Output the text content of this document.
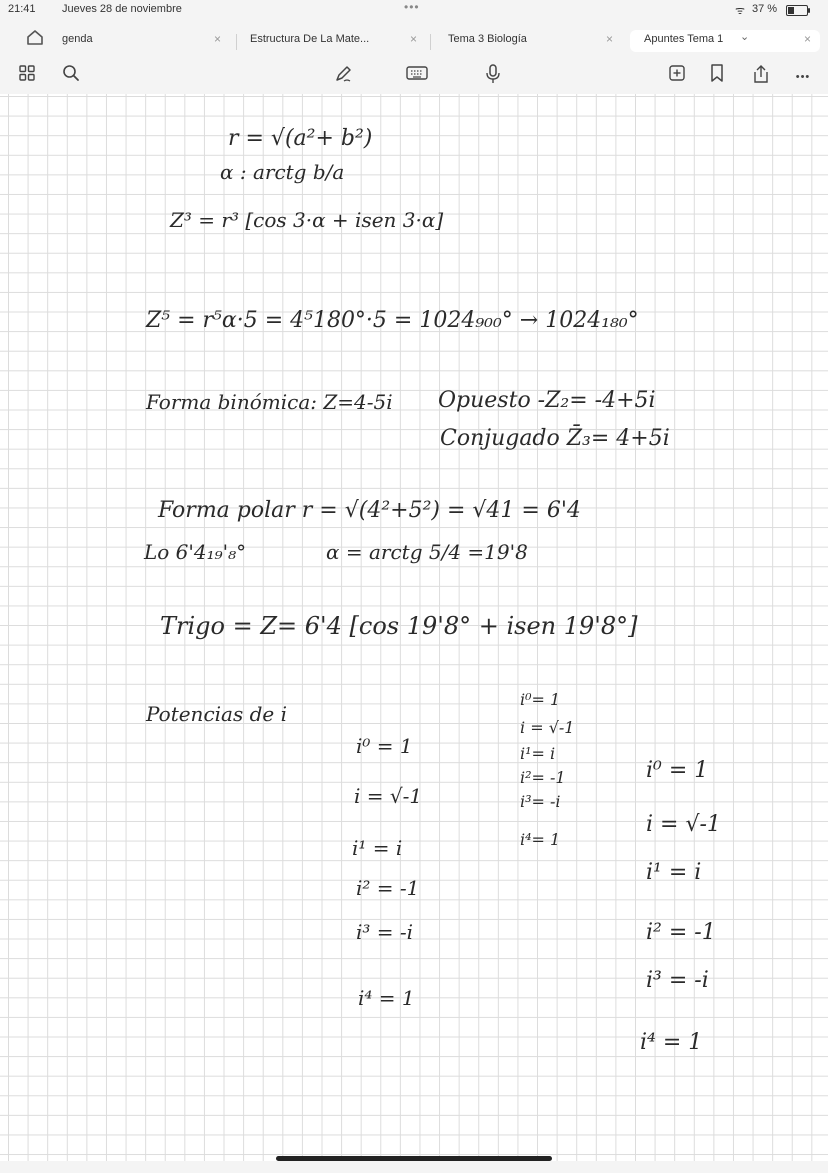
21:41 Jueves 28 de noviembre	•••	ᯤ 37 %
genda	×	Estructura De La Mate...	×	Tema 3 Biología	×	Apuntes Tema 1 ⌄	×
•••
r = √(a²+ b²)
α : arctg b/a
Z³ = r³ [cos 3·α + isen 3·α]
Z⁵ = r⁵α·5 = 4⁵180°·5 = 1024₉₀₀° → 1024₁₈₀°
Forma binómica: Z=4-5i Opuesto -Z₂= -4+5i
Conjugado Z̄₃= 4+5i
Forma polar r = √(4²+5²) = √41 = 6'4
Lo 6'4₁₉'₈°	α = arctg 5/4 =19'8
Trigo = Z= 6'4 [cos 19'8° + isen 19'8°]
Potencias de i
i⁰ = 1
i = √-1
i¹ = i
i² = -1
i³ = -i
i⁴ = 1
i⁰= 1
i = √-1
i¹= i
i²= -1
i³= -i
i⁴= 1
i⁰ = 1
i = √-1
i¹ = i
i² = -1
i³ = -i
i⁴ = 1
